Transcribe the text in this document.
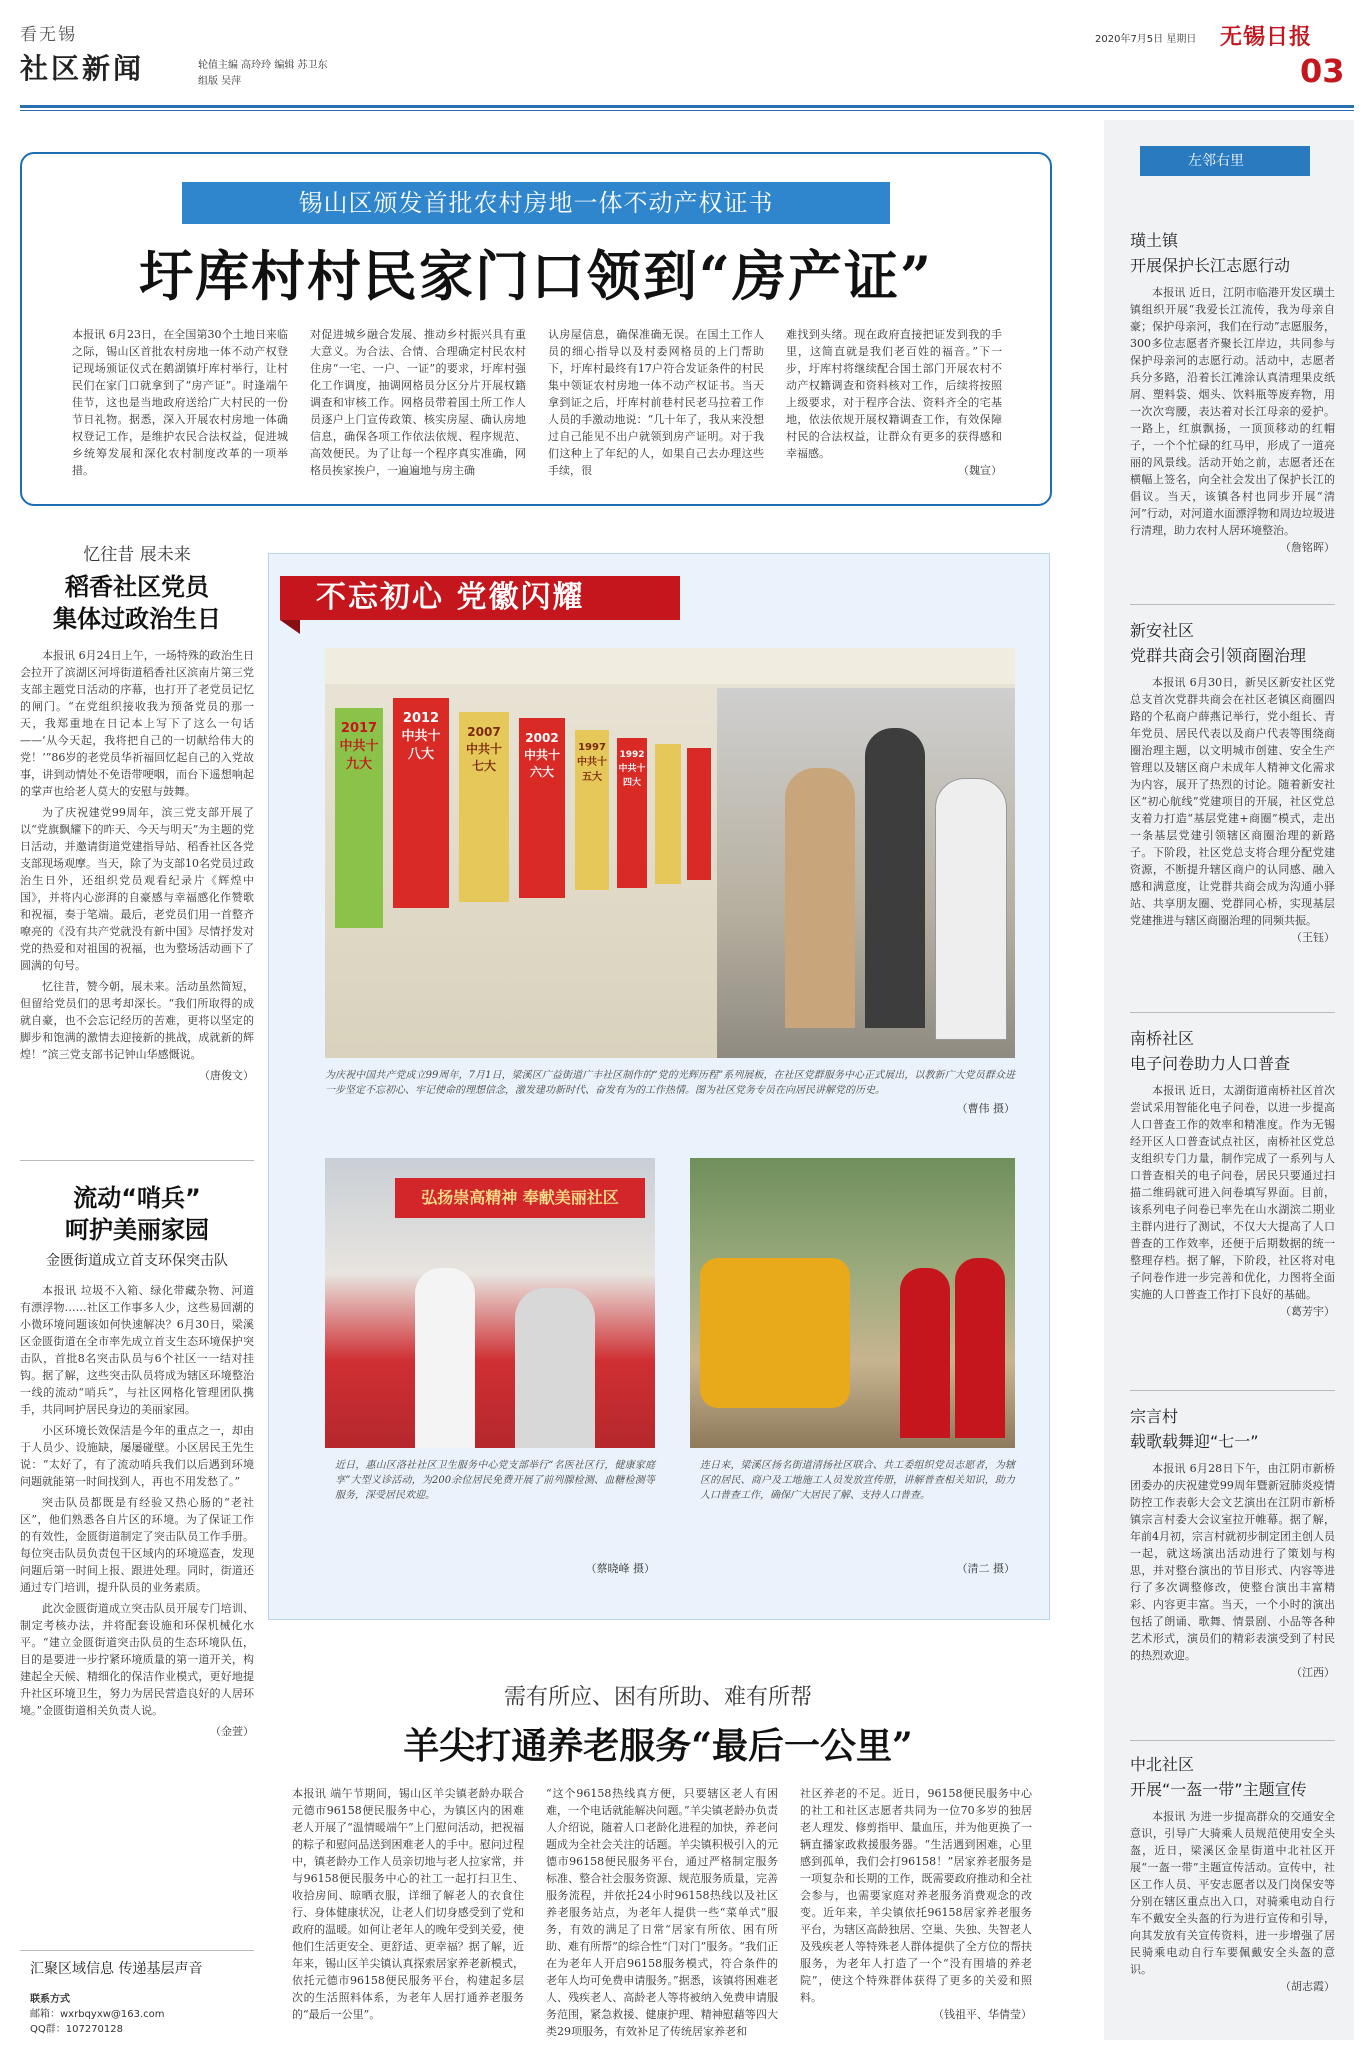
看无锡
社区新闻	轮值主编 高玲玲 编辑 苏卫东
组版 吴萍
2020年7月5日 星期日 无锡日报
03
锡山区颁发首批农村房地一体不动产权证书
圩库村村民家门口领到“房产证”
本报讯 6月23日，在全国第30个土地日来临之际，锡山区首批农村房地一体不动产权登记现场颁证仪式在鹅湖镇圩库村举行，让村民们在家门口就拿到了“房产证”。时逢端午佳节，这也是当地政府送给广大村民的一份节日礼物。据悉，深入开展农村房地一体确权登记工作，是维护农民合法权益，促进城乡统筹发展和深化农村制度改革的一项举措。
对促进城乡融合发展、推动乡村振兴具有重大意义。为合法、合情、合理确定村民农村住房“一宅、一户、一证”的要求，圩库村强化工作调度，抽调网格员分区分片开展权籍调查和审核工作。网格员带着国土所工作人员逐户上门宣传政策、核实房屋、确认房地信息，确保各项工作依法依规、程序规范、高效便民。为了让每一个程序真实准确，网格员挨家挨户，一遍遍地与房主确
认房屋信息，确保准确无误。在国土工作人员的细心指导以及村委网格员的上门帮助下，圩库村最终有17户符合发证条件的村民集中领证农村房地一体不动产权证书。当天拿到证之后，圩库村前巷村民老马拉着工作人员的手激动地说：“几十年了，我从来没想过自己能见不出户就领到房产证明。对于我们这种上了年纪的人，如果自己去办理这些手续，很
难找到头绪。现在政府直接把证发到我的手里，这简直就是我们老百姓的福音。”下一步，圩库村将继续配合国土部门开展农村不动产权籍调查和资料核对工作，后续将按照上级要求，对于程序合法、资料齐全的宅基地，依法依规开展权籍调查工作，有效保障村民的合法权益，让群众有更多的获得感和幸福感。
（魏宣）
忆往昔 展未来
稻香社区党员
集体过政治生日

本报讯 6月24日上午，一场特殊的政治生日会拉开了滨湖区河埒街道稻香社区滨南片第三党支部主题党日活动的序幕，也打开了老党员记忆的闸门。“在党组织接收我为预备党员的那一天，我郑重地在日记本上写下了这么一句话——‘从今天起，我将把自己的一切献给伟大的党！’”86岁的老党员华祈福回忆起自己的入党故事，讲到动情处不免语带哽咽，而台下遥想响起的掌声也给老人莫大的安慰与鼓舞。

为了庆祝建党99周年，滨三党支部开展了以“党旗飘耀下的昨天、今天与明天”为主题的党日活动，并邀请街道党建指导站、稻香社区各党支部现场观摩。当天，除了为支部10名党员过政治生日外，还组织党员观看纪录片《辉煌中国》，并将内心澎湃的自豪感与幸福感化作赞歌和祝福，奏于笔端。最后，老党员们用一首整齐嘹亮的《没有共产党就没有新中国》尽情抒发对党的热爱和对祖国的祝福，也为整场活动画下了圆满的句号。

忆往昔，赞今朝，展未来。活动虽然简短，但留给党员们的思考却深长。“我们所取得的成就自豪，也不会忘记经历的苦难，更将以坚定的脚步和饱满的激情去迎接新的挑战，成就新的辉煌！”滨三党支部书记钟山华感慨说。

（唐俊文）
流动“哨兵”
呵护美丽家园
金匮街道成立首支环保突击队

本报讯 垃圾不入箱、绿化带藏杂物、河道有漂浮物……社区工作事多人少，这些易回潮的小微环境问题该如何快速解决？6月30日，梁溪区金匮街道在全市率先成立首支生态环境保护突击队，首批8名突击队员与6个社区一一结对挂钩。据了解，这些突击队员将成为辖区环境整治一线的流动“哨兵”，与社区网格化管理团队携手，共同呵护居民身边的美丽家园。

小区环境长效保洁是今年的重点之一，却由于人员少、设施缺，屡屡碰壁。小区居民王先生说：“太好了，有了流动哨兵我们以后遇到环境问题就能第一时间找到人，再也不用发愁了。”

突击队员都既是有经验又热心肠的“老社区”，他们熟悉各自片区的环境。为了保证工作的有效性，金匮街道制定了突击队员工作手册。每位突击队员负责包干区域内的环境巡查，发现问题后第一时间上报、跟进处理。同时，街道还通过专门培训，提升队员的业务素质。

此次金匮街道成立突击队员开展专门培训、制定考核办法，并将配套设施和环保机械化水平。“建立金匮街道突击队员的生态环境队伍，目的是要进一步拧紧环境质量的第一道开关，构建起全天候、精细化的保洁作业模式，更好地提升社区环境卫生，努力为居民营造良好的人居环境。”金匮街道相关负责人说。

（金萱）
汇聚区域信息 传递基层声音
联系方式
邮箱：wxrbqyxw@163.com
QQ群：107270128
不忘初心 党徽闪耀
2017 中共十九大
2012 中共十八大
2007 中共十七大
2002 中共十六大
1997 中共十五大
1992 中共十四大
为庆祝中国共产党成立99周年，7月1日，梁溪区广益街道广丰社区制作的“党的光辉历程”系列展板，在社区党群服务中心正式展出，以教新广大党员群众进一步坚定不忘初心、牢记使命的理想信念，激发建功新时代、奋发有为的工作热情。图为社区党务专员在向居民讲解党的历史。
（曹伟 摄）
弘扬崇高精神 奉献美丽社区
近日，惠山区洛社社区卫生服务中心党支部举行“名医社区行，健康家庭享”大型义诊活动，为200余位居民免费开展了前列腺检测、血糖检测等服务，深受居民欢迎。
（蔡晓峰 摄）
连日来，梁溪区扬名街道清扬社区联合、共工委组织党员志愿者，为辖区的居民、商户及工地施工人员发放宣传册，讲解普查相关知识，助力人口普查工作，确保广大居民了解、支持人口普查。
（清二 摄）
需有所应、困有所助、难有所帮
羊尖打通养老服务“最后一公里”
本报讯 端午节期间，锡山区羊尖镇老龄办联合元德市96158便民服务中心，为镇区内的困难老人开展了“温情暖端午”上门慰问活动，把祝福的粽子和慰问品送到困难老人的手中。慰问过程中，镇老龄办工作人员亲切地与老人拉家常，并与96158便民服务中心的社工一起打扫卫生、收拾房间、晾晒衣服，详细了解老人的衣食住行、身体健康状况，让老人们切身感受到了党和政府的温暖。如何让老年人的晚年受到关爱，使他们生活更安全、更舒适、更幸福？据了解，近年来，锡山区羊尖镇认真探索居家养老新模式，依托元德市96158便民服务平台，构建起多层次的生活照料体系，为老年人居打通养老服务的“最后一公里”。
“这个96158热线真方便，只要辖区老人有困难，一个电话就能解决问题。”羊尖镇老龄办负责人介绍说，随着人口老龄化进程的加快，养老问题成为全社会关注的话题。羊尖镇积极引入的元德市96158便民服务平台，通过严格制定服务标准、整合社会服务资源、规范服务质量，完善服务流程，并依托24小时96158热线以及社区养老服务站点，为老年人提供一些“菜单式”服务，有效的满足了日常“居家有所依、困有所助、难有所帮”的综合性“门对门”服务。“我们正在为老年人开启96158服务模式，符合条件的老年人均可免费申请服务。”据悉，该镇将困难老人、残疾老人、高龄老人等将被纳入免费申请服务范围，紧急救援、健康护理、精神慰藉等四大类29项服务，有效补足了传统居家养老和
社区养老的不足。近日，96158便民服务中心的社工和社区志愿者共同为一位70多岁的独居老人理发、修剪指甲、量血压，并为他更换了一辆直播家政救援服务器。“生活遇到困难，心里感到孤单，我们会打96158！”居家养老服务是一项复杂和长期的工作，既需要政府推动和全社会参与，也需要家庭对养老服务消费观念的改变。近年来，羊尖镇依托96158居家养老服务平台，为辖区高龄独居、空巢、失独、失智老人及残疾老人等特殊老人群体提供了全方位的帮扶服务，为老年人打造了一个“没有围墙的养老院”，使这个特殊群体获得了更多的关爱和照料。
（钱祖平、华倩莹）
左邻右里
璜土镇
开展保护长江志愿行动
本报讯 近日，江阴市临港开发区璜土镇组织开展“我爱长江流传，我为母亲自豪；保护母亲河，我们在行动”志愿服务，300多位志愿者齐聚长江岸边，共同参与保护母亲河的志愿行动。活动中，志愿者兵分多路，沿着长江滩涂认真清理果皮纸屑、塑料袋、烟头、饮料瓶等废弃物，用一次次弯腰，表达着对长江母亲的爱护。一路上，红旗飘扬，一顶顶移动的红帽子，一个个忙碌的红马甲，形成了一道亮丽的风景线。活动开始之前，志愿者还在横幅上签名，向全社会发出了保护长江的倡议。当天，该镇各村也同步开展“清河”行动，对河道水面漂浮物和周边垃圾进行清理，助力农村人居环境整治。
（詹铭晖）
新安社区
党群共商会引领商圈治理
本报讯 6月30日，新吴区新安社区党总支首次党群共商会在社区老镇区商圈四路的个私商户薛燕记举行，党小组长、青年党员、居民代表以及商户代表等围绕商圈治理主题，以文明城市创建、安全生产管理以及辖区商户未成年人精神文化需求为内容，展开了热烈的讨论。随着新安社区“初心航线”党建项目的开展，社区党总支着力打造“基层党建+商圈”模式，走出一条基层党建引领辖区商圈治理的新路子。下阶段，社区党总支将合理分配党建资源，不断提升辖区商户的认同感、融入感和满意度，让党群共商会成为沟通小驿站、共享朋友圈、党群同心桥，实现基层党建推进与辖区商圈治理的同频共振。
（王钰）
南桥社区
电子问卷助力人口普查
本报讯 近日，太湖街道南桥社区首次尝试采用智能化电子问卷，以进一步提高人口普查工作的效率和精准度。作为无锡经开区人口普查试点社区，南桥社区党总支组织专门力量，制作完成了一系列与人口普查相关的电子问卷，居民只要通过扫描二维码就可进入问卷填写界面。目前，该系列电子问卷已率先在山水湖滨二期业主群内进行了测试，不仅大大提高了人口普查的工作效率，还便于后期数据的统一整理存档。据了解，下阶段，社区将对电子问卷作进一步完善和优化，力图将全面实施的人口普查工作打下良好的基础。
（葛芳宇）
宗言村
载歌载舞迎“七一”
本报讯 6月28日下午，由江阴市新桥团委办的庆祝建党99周年暨新冠肺炎疫情防控工作表彰大会文艺演出在江阴市新桥镇宗言村委大会议室拉开帷幕。据了解，年前4月初，宗言村就初步制定团主创人员一起，就这场演出活动进行了策划与构思，并对整台演出的节目形式、内容等进行了多次调整修改，使整台演出丰富精彩、内容更丰富。当天，一个小时的演出包括了朗诵、歌舞、情景剧、小品等各种艺术形式，演员们的精彩表演受到了村民的热烈欢迎。
（江西）
中北社区
开展“一盔一带”主题宣传
本报讯 为进一步提高群众的交通安全意识，引导广大骑乘人员规范使用安全头盔，近日，梁溪区金星街道中北社区开展“一盔一带”主题宣传活动。宣传中，社区工作人员、平安志愿者以及门岗保安等分别在辖区重点出入口，对骑乘电动自行车不戴安全头盔的行为进行宣传和引导，向其发放有关宣传资料，进一步增强了居民骑乘电动自行车要佩戴安全头盔的意识。
（胡志霞）
